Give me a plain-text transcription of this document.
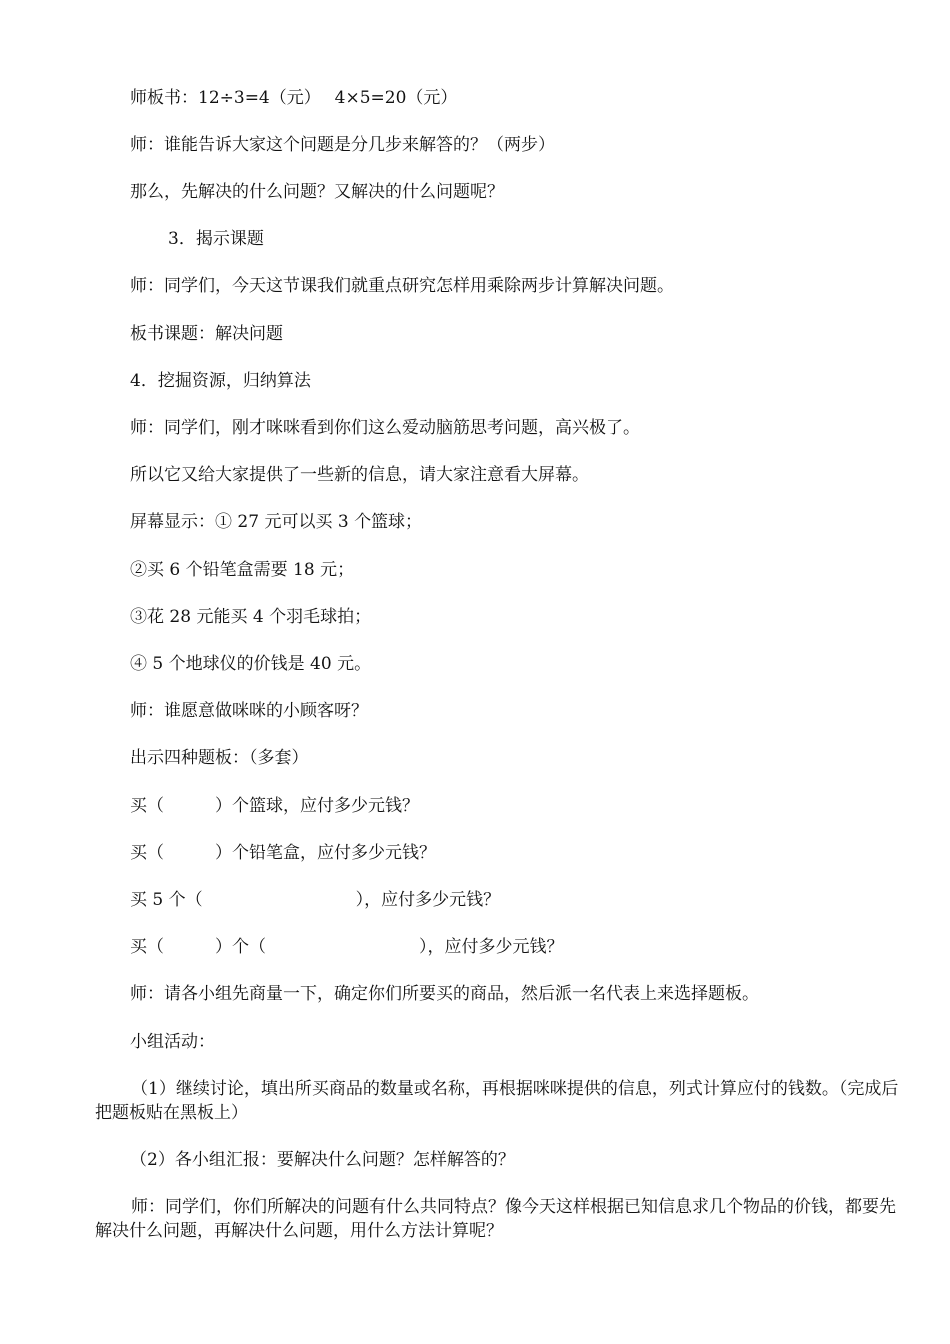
师板书：12÷3=4（元）　 4×5=20（元）
师：谁能告诉大家这个问题是分几步来解答的？（两步）
那么，先解决的什么问题？又解决的什么问题呢？
3．揭示课题
师：同学们，今天这节课我们就重点研究怎样用乘除两步计算解决问题。
板书课题：解决问题
4．挖掘资源，归纳算法
师：同学们，刚才咪咪看到你们这么爱动脑筋思考问题，高兴极了。
所以它又给大家提供了一些新的信息，请大家注意看大屏幕。
屏幕显示：① 27 元可以买 3 个篮球；
②买 6 个铅笔盒需要 18 元；
③花 28 元能买 4 个羽毛球拍；
④ 5 个地球仪的价钱是 40 元。
师：谁愿意做咪咪的小顾客呀？
出示四种题板：（多套）
买（　　　）个篮球，应付多少元钱？
买（　　　）个铅笔盒，应付多少元钱？
买 5 个（　　　　　　　　　），应付多少元钱？
买（　　　）个（　　　　　　　　　），应付多少元钱？
师：请各小组先商量一下，确定你们所要买的商品，然后派一名代表上来选择题板。
小组活动：
（1）继续讨论，填出所买商品的数量或名称，再根据咪咪提供的信息，列式计算应付的钱数。（完成后把题板贴在黑板上）
（2）各小组汇报：要解决什么问题？怎样解答的？
师：同学们，你们所解决的问题有什么共同特点？像今天这样根据已知信息求几个物品的价钱，都要先解决什么问题，再解决什么问题，用什么方法计算呢？
